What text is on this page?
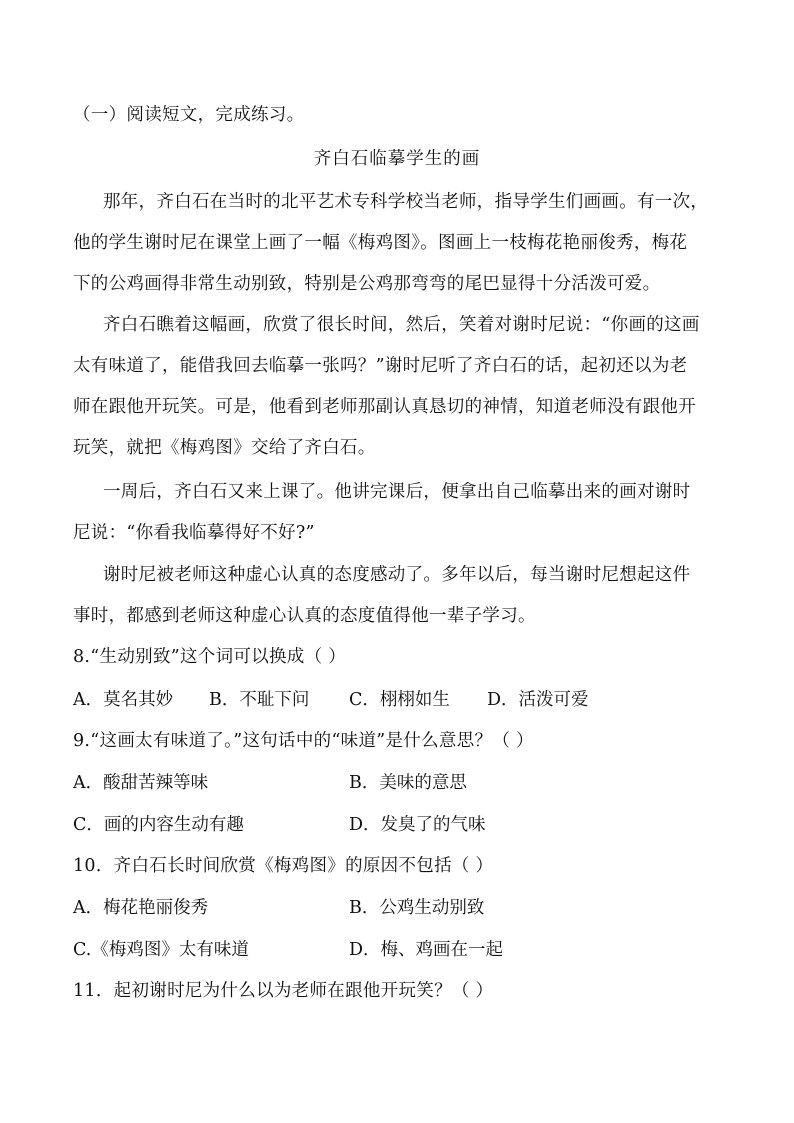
（一）阅读短文，完成练习。
齐白石临摹学生的画
那年，齐白石在当时的北平艺术专科学校当老师，指导学生们画画。有一次，
他的学生谢时尼在课堂上画了一幅《梅鸡图》。图画上一枝梅花艳丽俊秀，梅花
下的公鸡画得非常生动别致，特别是公鸡那弯弯的尾巴显得十分活泼可爱。
齐白石瞧着这幅画，欣赏了很长时间，然后，笑着对谢时尼说：“你画的这画
太有味道了，能借我回去临摹一张吗？”谢时尼听了齐白石的话，起初还以为老
师在跟他开玩笑。可是，他看到老师那副认真恳切的神情，知道老师没有跟他开
玩笑，就把《梅鸡图》交给了齐白石。
一周后，齐白石又来上课了。他讲完课后，便拿出自己临摹出来的画对谢时
尼说：“你看我临摹得好不好?”
谢时尼被老师这种虚心认真的态度感动了。多年以后，每当谢时尼想起这件
事时，都感到老师这种虚心认真的态度值得他一辈子学习。
8.“生动别致”这个词可以换成（ ）
A．莫名其妙 B．不耻下问 C．栩栩如生 D．活泼可爱
9.“这画太有味道了。”这句话中的“味道”是什么意思？（ ）
A．酸甜苦辣等味	B．美味的意思
C．画的内容生动有趣	D．发臭了的气味
10．齐白石长时间欣赏《梅鸡图》的原因不包括（ ）
A．梅花艳丽俊秀	B．公鸡生动别致
C.《梅鸡图》太有味道	D．梅、鸡画在一起
11．起初谢时尼为什么以为老师在跟他开玩笑？（ ）
